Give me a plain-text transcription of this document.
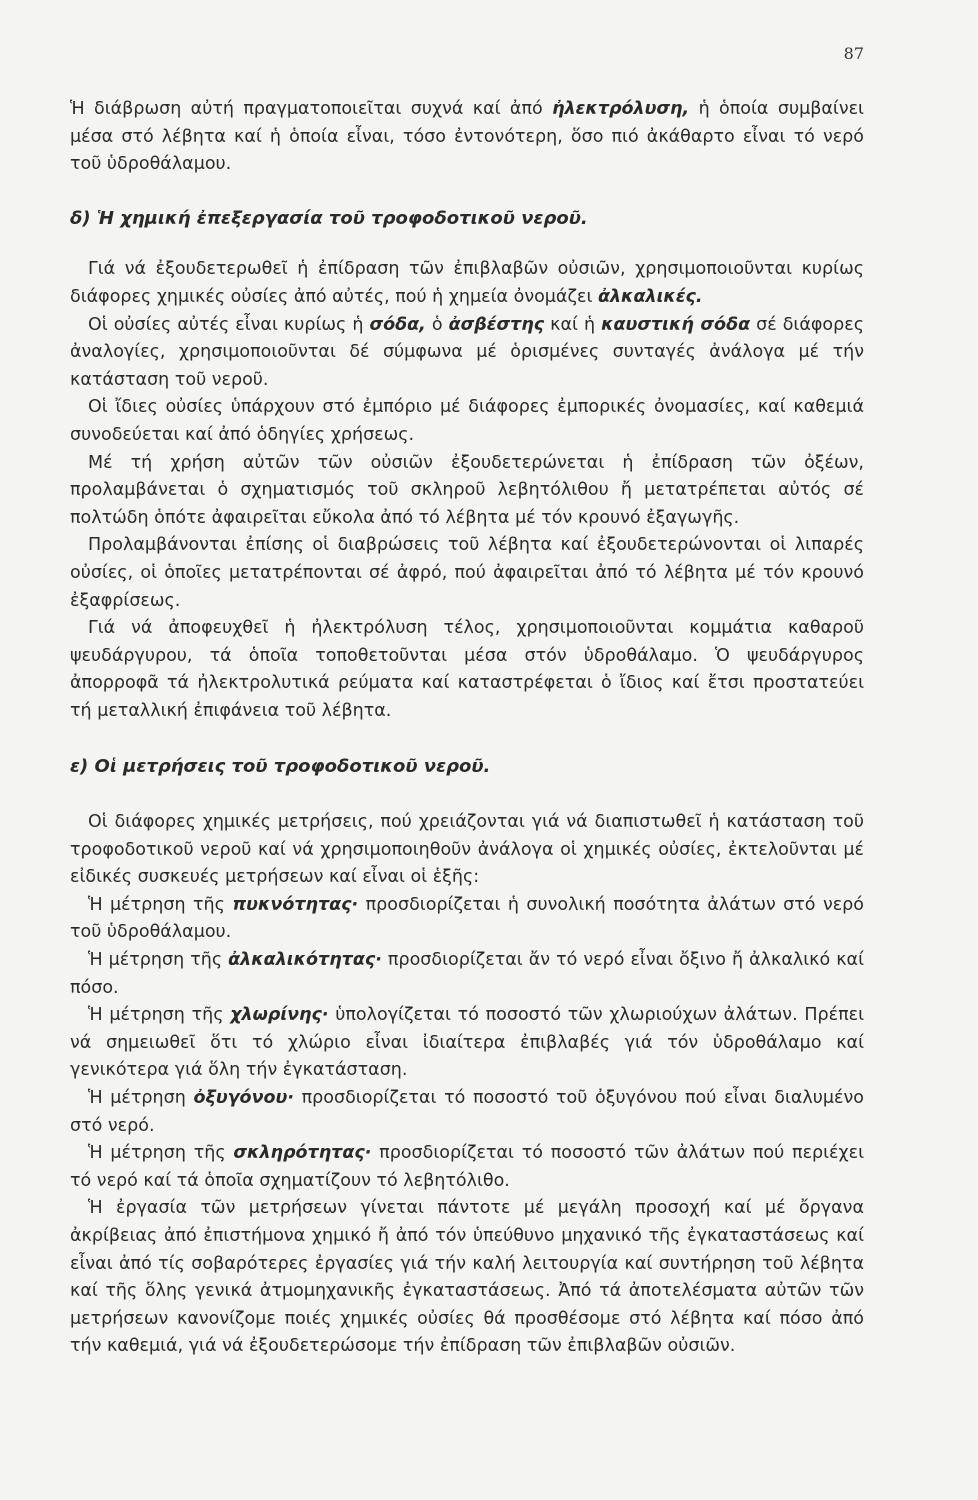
87

Ἡ διάβρωση αὐτή πραγματοποιεῖται συχνά καί ἀπό ἠλεκτρόλυση, ἡ ὁποία συμβαίνει μέσα στό λέβητα καί ἡ ὁποία εἶναι, τόσο ἐντονότερη, ὅσο πιό ἀκάθαρτο εἶναι τό νερό τοῦ ὑδροθάλαμου.

δ) Ἡ χημική ἐπεξεργασία τοῦ τροφοδοτικοῦ νεροῦ.

Γιά νά ἐξουδετερωθεῖ ἡ ἐπίδραση τῶν ἐπιβλαβῶν οὐσιῶν, χρησιμοποιοῦνται κυρίως διάφορες χημικές οὐσίες ἀπό αὐτές, πού ἡ χημεία ὀνομάζει ἀλκαλικές.

Οἱ οὐσίες αὐτές εἶναι κυρίως ἡ σόδα, ὁ ἀσβέστης καί ἡ καυστική σόδα σέ διάφορες ἀναλογίες, χρησιμοποιοῦνται δέ σύμφωνα μέ ὁρισμένες συνταγές ἀνάλογα μέ τήν κατάσταση τοῦ νεροῦ.

Οἱ ἴδιες οὐσίες ὑπάρχουν στό ἐμπόριο μέ διάφορες ἐμπορικές ὀνομασίες, καί καθεμιά συνοδεύεται καί ἀπό ὁδηγίες χρήσεως.

Μέ τή χρήση αὐτῶν τῶν οὐσιῶν ἐξουδετερώνεται ἡ ἐπίδραση τῶν ὀξέων, προλαμβάνεται ὁ σχηματισμός τοῦ σκληροῦ λεβητόλιθου ἤ μετατρέπεται αὐτός σέ πολτώδη ὁπότε ἀφαιρεῖται εὔκολα ἀπό τό λέβητα μέ τόν κρουνό ἐξαγωγῆς.

Προλαμβάνονται ἐπίσης οἱ διαβρώσεις τοῦ λέβητα καί ἐξουδετερώνονται οἱ λιπαρές οὐσίες, οἱ ὁποῖες μετατρέπονται σέ ἀφρό, πού ἀφαιρεῖται ἀπό τό λέβητα μέ τόν κρουνό ἐξαφρίσεως.

Γιά νά ἀποφευχθεῖ ἡ ἠλεκτρόλυση τέλος, χρησιμοποιοῦνται κομμάτια καθαροῦ ψευδάργυρου, τά ὁποῖα τοποθετοῦνται μέσα στόν ὑδροθάλαμο. Ὁ ψευδάργυρος ἀπορροφᾶ τά ἠλεκτρολυτικά ρεύματα καί καταστρέφεται ὁ ἴδιος καί ἔτσι προστατεύει τή μεταλλική ἐπιφάνεια τοῦ λέβητα.

ε) Οἱ μετρήσεις τοῦ τροφοδοτικοῦ νεροῦ.

Οἱ διάφορες χημικές μετρήσεις, πού χρειάζονται γιά νά διαπιστωθεῖ ἡ κατάσταση τοῦ τροφοδοτικοῦ νεροῦ καί νά χρησιμοποιηθοῦν ἀνάλογα οἱ χημικές οὐσίες, ἐκτελοῦνται μέ εἰδικές συσκευές μετρήσεων καί εἶναι οἱ ἑξῆς:

Ἡ μέτρηση τῆς πυκνότητας· προσδιορίζεται ἡ συνολική ποσότητα ἀλάτων στό νερό τοῦ ὑδροθάλαμου.

Ἡ μέτρηση τῆς ἀλκαλικότητας· προσδιορίζεται ἄν τό νερό εἶναι ὄξινο ἤ ἀλκαλικό καί πόσο.

Ἡ μέτρηση τῆς χλωρίνης· ὑπολογίζεται τό ποσοστό τῶν χλωριούχων ἀλάτων. Πρέπει νά σημειωθεῖ ὅτι τό χλώριο εἶναι ἰδιαίτερα ἐπιβλαβές γιά τόν ὑδροθάλαμο καί γενικότερα γιά ὅλη τήν ἐγκατάσταση.

Ἡ μέτρηση ὀξυγόνου· προσδιορίζεται τό ποσοστό τοῦ ὀξυγόνου πού εἶναι διαλυμένο στό νερό.

Ἡ μέτρηση τῆς σκληρότητας· προσδιορίζεται τό ποσοστό τῶν ἀλάτων πού περιέχει τό νερό καί τά ὁποῖα σχηματίζουν τό λεβητόλιθο.

Ἡ ἐργασία τῶν μετρήσεων γίνεται πάντοτε μέ μεγάλη προσοχή καί μέ ὄργανα ἀκρίβειας ἀπό ἐπιστήμονα χημικό ἤ ἀπό τόν ὑπεύθυνο μηχανικό τῆς ἐγκαταστάσεως καί εἶναι ἀπό τίς σοβαρότερες ἐργασίες γιά τήν καλή λειτουργία καί συντήρηση τοῦ λέβητα καί τῆς ὅλης γενικά ἀτμομηχανικῆς ἐγκαταστάσεως. Ἀπό τά ἀποτελέσματα αὐτῶν τῶν μετρήσεων κανονίζομε ποιές χημικές οὐσίες θά προσθέσομε στό λέβητα καί πόσο ἀπό τήν καθεμιά, γιά νά ἐξουδετερώσομε τήν ἐπίδραση τῶν ἐπιβλαβῶν οὐσιῶν.
